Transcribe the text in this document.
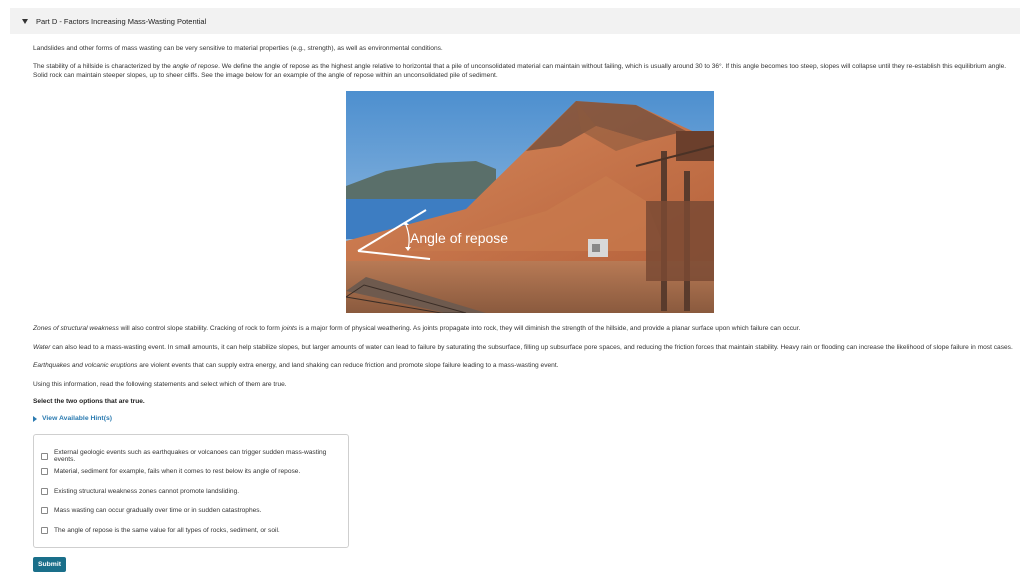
Part D - Factors Increasing Mass-Wasting Potential

Landslides and other forms of mass wasting can be very sensitive to material properties (e.g., strength), as well as environmental conditions.

The stability of a hillside is characterized by the angle of repose. We define the angle of repose as the highest angle relative to horizontal that a pile of unconsolidated material can maintain without failing, which is usually around 30 to 36°. If this angle becomes too steep, slopes will collapse until they re-establish this equilibrium angle. Solid rock can maintain steeper slopes, up to sheer cliffs. See the image below for an example of the angle of repose within an unconsolidated pile of sediment.

Angle of repose

Zones of structural weakness will also control slope stability. Cracking of rock to form joints is a major form of physical weathering. As joints propagate into rock, they will diminish the strength of the hillside, and provide a planar surface upon which failure can occur.

Water can also lead to a mass-wasting event. In small amounts, it can help stabilize slopes, but larger amounts of water can lead to failure by saturating the subsurface, filling up subsurface pore spaces, and reducing the friction forces that maintain stability. Heavy rain or flooding can increase the likelihood of slope failure in most cases.

Earthquakes and volcanic eruptions are violent events that can supply extra energy, and land shaking can reduce friction and promote slope failure leading to a mass-wasting event.

Using this information, read the following statements and select which of them are true.

Select the two options that are true.

View Available Hint(s)
External geologic events such as earthquakes or volcanoes can trigger sudden mass-wasting events.
Material, sediment for example, fails when it comes to rest below its angle of repose.
Existing structural weakness zones cannot promote landsliding.
Mass wasting can occur gradually over time or in sudden catastrophes.
The angle of repose is the same value for all types of rocks, sediment, or soil.
Submit
